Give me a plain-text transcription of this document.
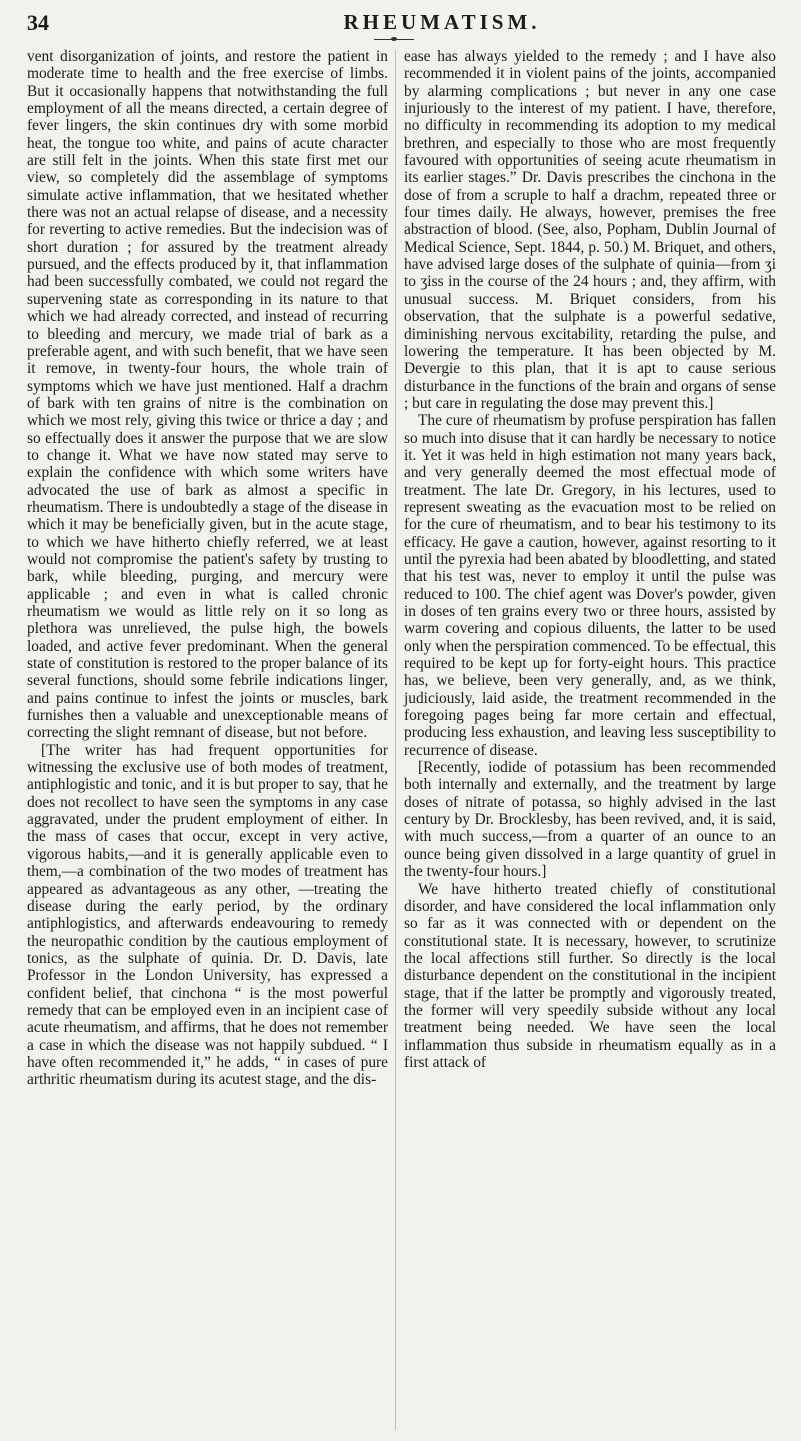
34	RHEUMATISM.

vent disorganization of joints, and restore the patient in moderate time to health and the free exercise of limbs. But it occasionally happens that notwithstanding the full employment of all the means directed, a certain degree of fever lingers, the skin continues dry with some morbid heat, the tongue too white, and pains of acute character are still felt in the joints. When this state first met our view, so completely did the assemblage of symptoms simulate active inflammation, that we hesitated whether there was not an actual relapse of disease, and a necessity for reverting to active remedies. But the indecision was of short duration ; for assured by the treatment already pursued, and the effects produced by it, that inflammation had been successfully combated, we could not regard the supervening state as corresponding in its nature to that which we had already corrected, and instead of recurring to bleeding and mercury, we made trial of bark as a preferable agent, and with such benefit, that we have seen it remove, in twenty-four hours, the whole train of symptoms which we have just mentioned. Half a drachm of bark with ten grains of nitre is the combination on which we most rely, giving this twice or thrice a day ; and so effectually does it answer the purpose that we are slow to change it. What we have now stated may serve to explain the confidence with which some writers have advocated the use of bark as almost a specific in rheumatism. There is undoubtedly a stage of the disease in which it may be beneficially given, but in the acute stage, to which we have hitherto chiefly referred, we at least would not compromise the patient's safety by trusting to bark, while bleeding, purging, and mercury were applicable ; and even in what is called chronic rheumatism we would as little rely on it so long as plethora was unrelieved, the pulse high, the bowels loaded, and active fever predominant. When the general state of constitution is restored to the proper balance of its several functions, should some febrile indications linger, and pains continue to infest the joints or muscles, bark furnishes then a valuable and unexceptionable means of correcting the slight remnant of disease, but not before.

[The writer has had frequent opportunities for witnessing the exclusive use of both modes of treatment, antiphlogistic and tonic, and it is but proper to say, that he does not recollect to have seen the symptoms in any case aggravated, under the prudent employment of either. In the mass of cases that occur, except in very active, vigorous habits,—and it is generally applicable even to them,—a combination of the two modes of treatment has appeared as advantageous as any other, —treating the disease during the early period, by the ordinary antiphlogistics, and afterwards endeavouring to remedy the neuropathic condition by the cautious employment of tonics, as the sulphate of quinia. Dr. D. Davis, late Professor in the London University, has expressed a confident belief, that cinchona “ is the most powerful remedy that can be employed even in an incipient case of acute rheumatism, and affirms, that he does not remember a case in which the disease was not happily subdued. “ I have often recommended it,” he adds, “ in cases of pure arthritic rheumatism during its acutest stage, and the dis-

ease has always yielded to the remedy ; and I have also recommended it in violent pains of the joints, accompanied by alarming complications ; but never in any one case injuriously to the interest of my patient. I have, therefore, no difficulty in recommending its adoption to my medical brethren, and especially to those who are most frequently favoured with opportunities of seeing acute rheumatism in its earlier stages.” Dr. Davis prescribes the cinchona in the dose of from a scruple to half a drachm, repeated three or four times daily. He always, however, premises the free abstraction of blood. (See, also, Popham, Dublin Journal of Medical Science, Sept. 1844, p. 50.) M. Briquet, and others, have advised large doses of the sulphate of quinia—from ʒi to ʒiss in the course of the 24 hours ; and, they affirm, with unusual success. M. Briquet considers, from his observation, that the sulphate is a powerful sedative, diminishing nervous excitability, retarding the pulse, and lowering the temperature. It has been objected by M. Devergie to this plan, that it is apt to cause serious disturbance in the functions of the brain and organs of sense ; but care in regulating the dose may prevent this.]

The cure of rheumatism by profuse perspiration has fallen so much into disuse that it can hardly be necessary to notice it. Yet it was held in high estimation not many years back, and very generally deemed the most effectual mode of treatment. The late Dr. Gregory, in his lectures, used to represent sweating as the evacuation most to be relied on for the cure of rheumatism, and to bear his testimony to its efficacy. He gave a caution, however, against resorting to it until the pyrexia had been abated by bloodletting, and stated that his test was, never to employ it until the pulse was reduced to 100. The chief agent was Dover's powder, given in doses of ten grains every two or three hours, assisted by warm covering and copious diluents, the latter to be used only when the perspiration commenced. To be effectual, this required to be kept up for forty-eight hours. This practice has, we believe, been very generally, and, as we think, judiciously, laid aside, the treatment recommended in the foregoing pages being far more certain and effectual, producing less exhaustion, and leaving less susceptibility to recurrence of disease.

[Recently, iodide of potassium has been recommended both internally and externally, and the treatment by large doses of nitrate of potassa, so highly advised in the last century by Dr. Brocklesby, has been revived, and, it is said, with much success,—from a quarter of an ounce to an ounce being given dissolved in a large quantity of gruel in the twenty-four hours.]

We have hitherto treated chiefly of constitutional disorder, and have considered the local inflammation only so far as it was connected with or dependent on the constitutional state. It is necessary, however, to scrutinize the local affections still further. So directly is the local disturbance dependent on the constitutional in the incipient stage, that if the latter be promptly and vigorously treated, the former will very speedily subside without any local treatment being needed. We have seen the local inflammation thus subside in rheumatism equally as in a first attack of
